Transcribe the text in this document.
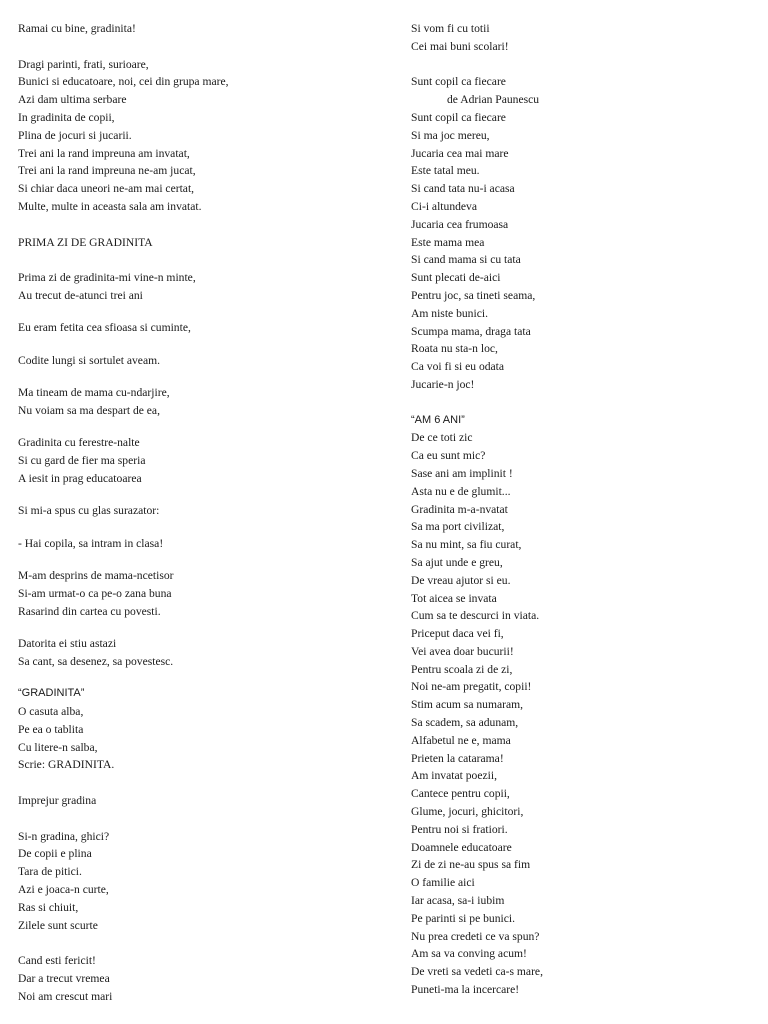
Ramai cu bine, gradinita!
Dragi parinti, frati, surioare,
Bunici si educatoare, noi, cei din grupa mare,
Azi dam ultima serbare
In gradinita de copii,
Plina de jocuri si jucarii.
Trei ani la rand impreuna am invatat,
Trei ani la rand impreuna ne-am jucat,
Si chiar daca uneori ne-am mai certat,
Multe, multe in aceasta sala am invatat.
PRIMA ZI DE GRADINITA
Prima zi de gradinita-mi vine-n minte,
Au trecut de-atunci trei ani
Eu eram fetita cea sfioasa si cuminte,
Codite lungi si sortulet aveam.
Ma tineam de mama cu-ndarjire,
Nu voiam sa ma despart de ea,
Gradinita cu ferestre-nalte
Si cu gard de fier ma speria
A iesit in prag educatoarea
Si mi-a spus cu glas surazator:
- Hai copila, sa intram in clasa!
M-am desprins de mama-ncetisor
Si-am urmat-o ca pe-o zana buna
Rasarind din cartea cu povesti.
Datorita ei stiu astazi
Sa cant, sa desenez, sa povestesc.
“GRADINITA”
O casuta alba,
Pe ea o tablita
Cu litere-n salba,
Scrie: GRADINITA.
Imprejur gradina
Si-n gradina, ghici?
De copii e plina
Tara de pitici.
Azi e joaca-n curte,
Ras si chiuit,
Zilele sunt scurte
Cand esti fericit!
Dar a trecut vremea
Noi am crescut mari
Si vom fi cu totii
Cei mai buni scolari!
Sunt copil ca fiecare
de Adrian Paunescu
Sunt copil ca fiecare
Si ma joc mereu,
Jucaria cea mai mare
Este tatal meu.
Si cand tata nu-i acasa
Ci-i altundeva
Jucaria cea frumoasa
Este mama mea
Si cand mama si cu tata
Sunt plecati de-aici
Pentru joc, sa tineti seama,
Am niste bunici.
Scumpa mama, draga tata
Roata nu sta-n loc,
Ca voi fi si eu odata
Jucarie-n joc!
“AM 6 ANI”
De ce toti zic
Ca eu sunt mic?
Sase ani am implinit !
Asta nu e de glumit...
Gradinita m-a-nvatat
Sa ma port civilizat,
Sa nu mint, sa fiu curat,
Sa ajut unde e greu,
De vreau ajutor si eu.
Tot aicea se invata
Cum sa te descurci in viata.
Priceput daca vei fi,
Vei avea doar bucurii!
Pentru scoala zi de zi,
Noi ne-am pregatit, copii!
Stim acum sa numaram,
Sa scadem, sa adunam,
Alfabetul ne e, mama
Prieten la catarama!
Am invatat poezii,
Cantece pentru copii,
Glume, jocuri, ghicitori,
Pentru noi si fratiori.
Doamnele educatoare
Zi de zi ne-au spus sa fim
O familie aici
Iar acasa, sa-i iubim
Pe parinti si pe bunici.
Nu prea credeti ce va spun?
Am sa va conving acum!
De vreti sa vedeti ca-s mare,
Puneti-ma la incercare!
